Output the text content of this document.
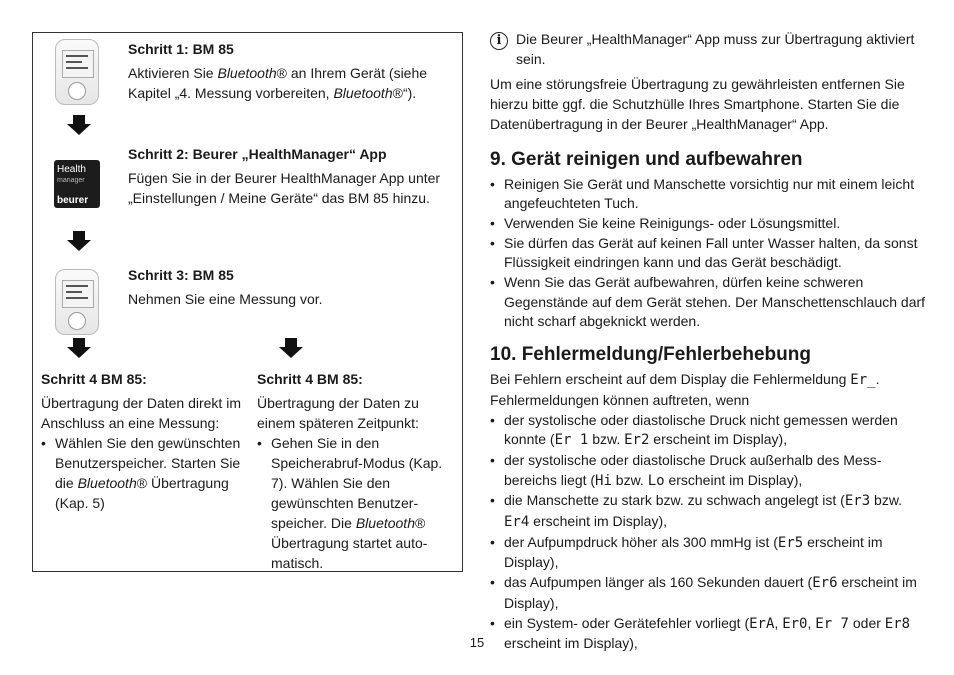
Schritt 1: BM 85

Aktivieren Sie Bluetooth® an Ihrem Gerät (siehe Kapitel „4. Messung vorbereiten, Bluetooth®“).

Health
manager
beurer
Schritt 2: Beurer „HealthManager“ App

Fügen Sie in der Beurer HealthManager App unter „Einstellungen / Meine Geräte“ das BM 85 hinzu.

Schritt 3: BM 85

Nehmen Sie eine Messung vor.

Schritt 4 BM 85:

Übertragung der Daten direkt im Anschluss an eine Messung:

• Wählen Sie den gewünschten Benutzerspeicher. Starten Sie die Bluetooth® Übertragung (Kap. 5)
Schritt 4 BM 85:

Übertragung der Daten zu einem späteren Zeitpunkt:

• Gehen Sie in den Speicherabruf-Modus (Kap. 7). Wählen Sie den gewünschten Benutzerspeicher. Die Bluetooth® Übertragung startet automatisch.
i	Die Beurer „HealthManager“ App muss zur Übertragung aktiviert sein.

Um eine störungsfreie Übertragung zu gewährleisten entfernen Sie hierzu bitte ggf. die Schutzhülle Ihres Smartphone. Starten Sie die Datenübertragung in der Beurer „HealthManager“ App.

9. Gerät reinigen und aufbewahren
• Reinigen Sie Gerät und Manschette vorsichtig nur mit einem leicht angefeuchteten Tuch.
• Verwenden Sie keine Reinigungs- oder Lösungsmittel.
• Sie dürfen das Gerät auf keinen Fall unter Wasser halten, da sonst Flüssigkeit eindringen kann und das Gerät beschädigt.
• Wenn Sie das Gerät aufbewahren, dürfen keine schweren Gegenstände auf dem Gerät stehen. Der Manschettenschlauch darf nicht scharf abgeknickt werden.
10. Fehlermeldung/Fehlerbehebung

Bei Fehlern erscheint auf dem Display die Fehlermeldung Er_. Fehlermeldungen können auftreten, wenn

• der systolische oder diastolische Druck nicht gemessen werden konnte (Er 1 bzw. Er2 erscheint im Display),
• der systolische oder diastolische Druck außerhalb des Messbereichs liegt (Hi bzw. Lo erscheint im Display),
• die Manschette zu stark bzw. zu schwach angelegt ist (Er3 bzw. Er4 erscheint im Display),
• der Aufpumpdruck höher als 300 mmHg ist (Er5 erscheint im Display),
• das Aufpumpen länger als 160 Sekunden dauert (Er6 erscheint im Display),
• ein System- oder Gerätefehler vorliegt (ErA, Er0, Er 7 oder Er8 erscheint im Display),
15
